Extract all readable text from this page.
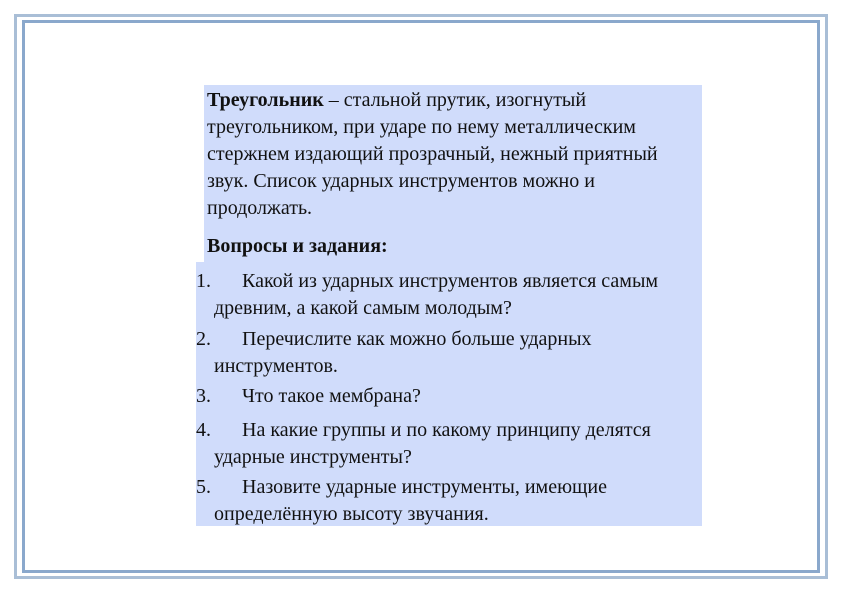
Треугольник – стальной прутик, изогнутый треугольником, при ударе по нему металлическим стержнем издающий прозрачный, нежный приятный звук. Список ударных инструментов можно и продолжать.
Вопросы и задания:
1. Какой из ударных инструментов является самым
древним, а какой самым молодым?
2. Перечислите как можно больше ударных
инструментов.
3. Что такое мембрана?
4. На какие группы и по какому принципу делятся
ударные инструменты?
5. Назовите ударные инструменты, имеющие
определённую высоту звучания.
